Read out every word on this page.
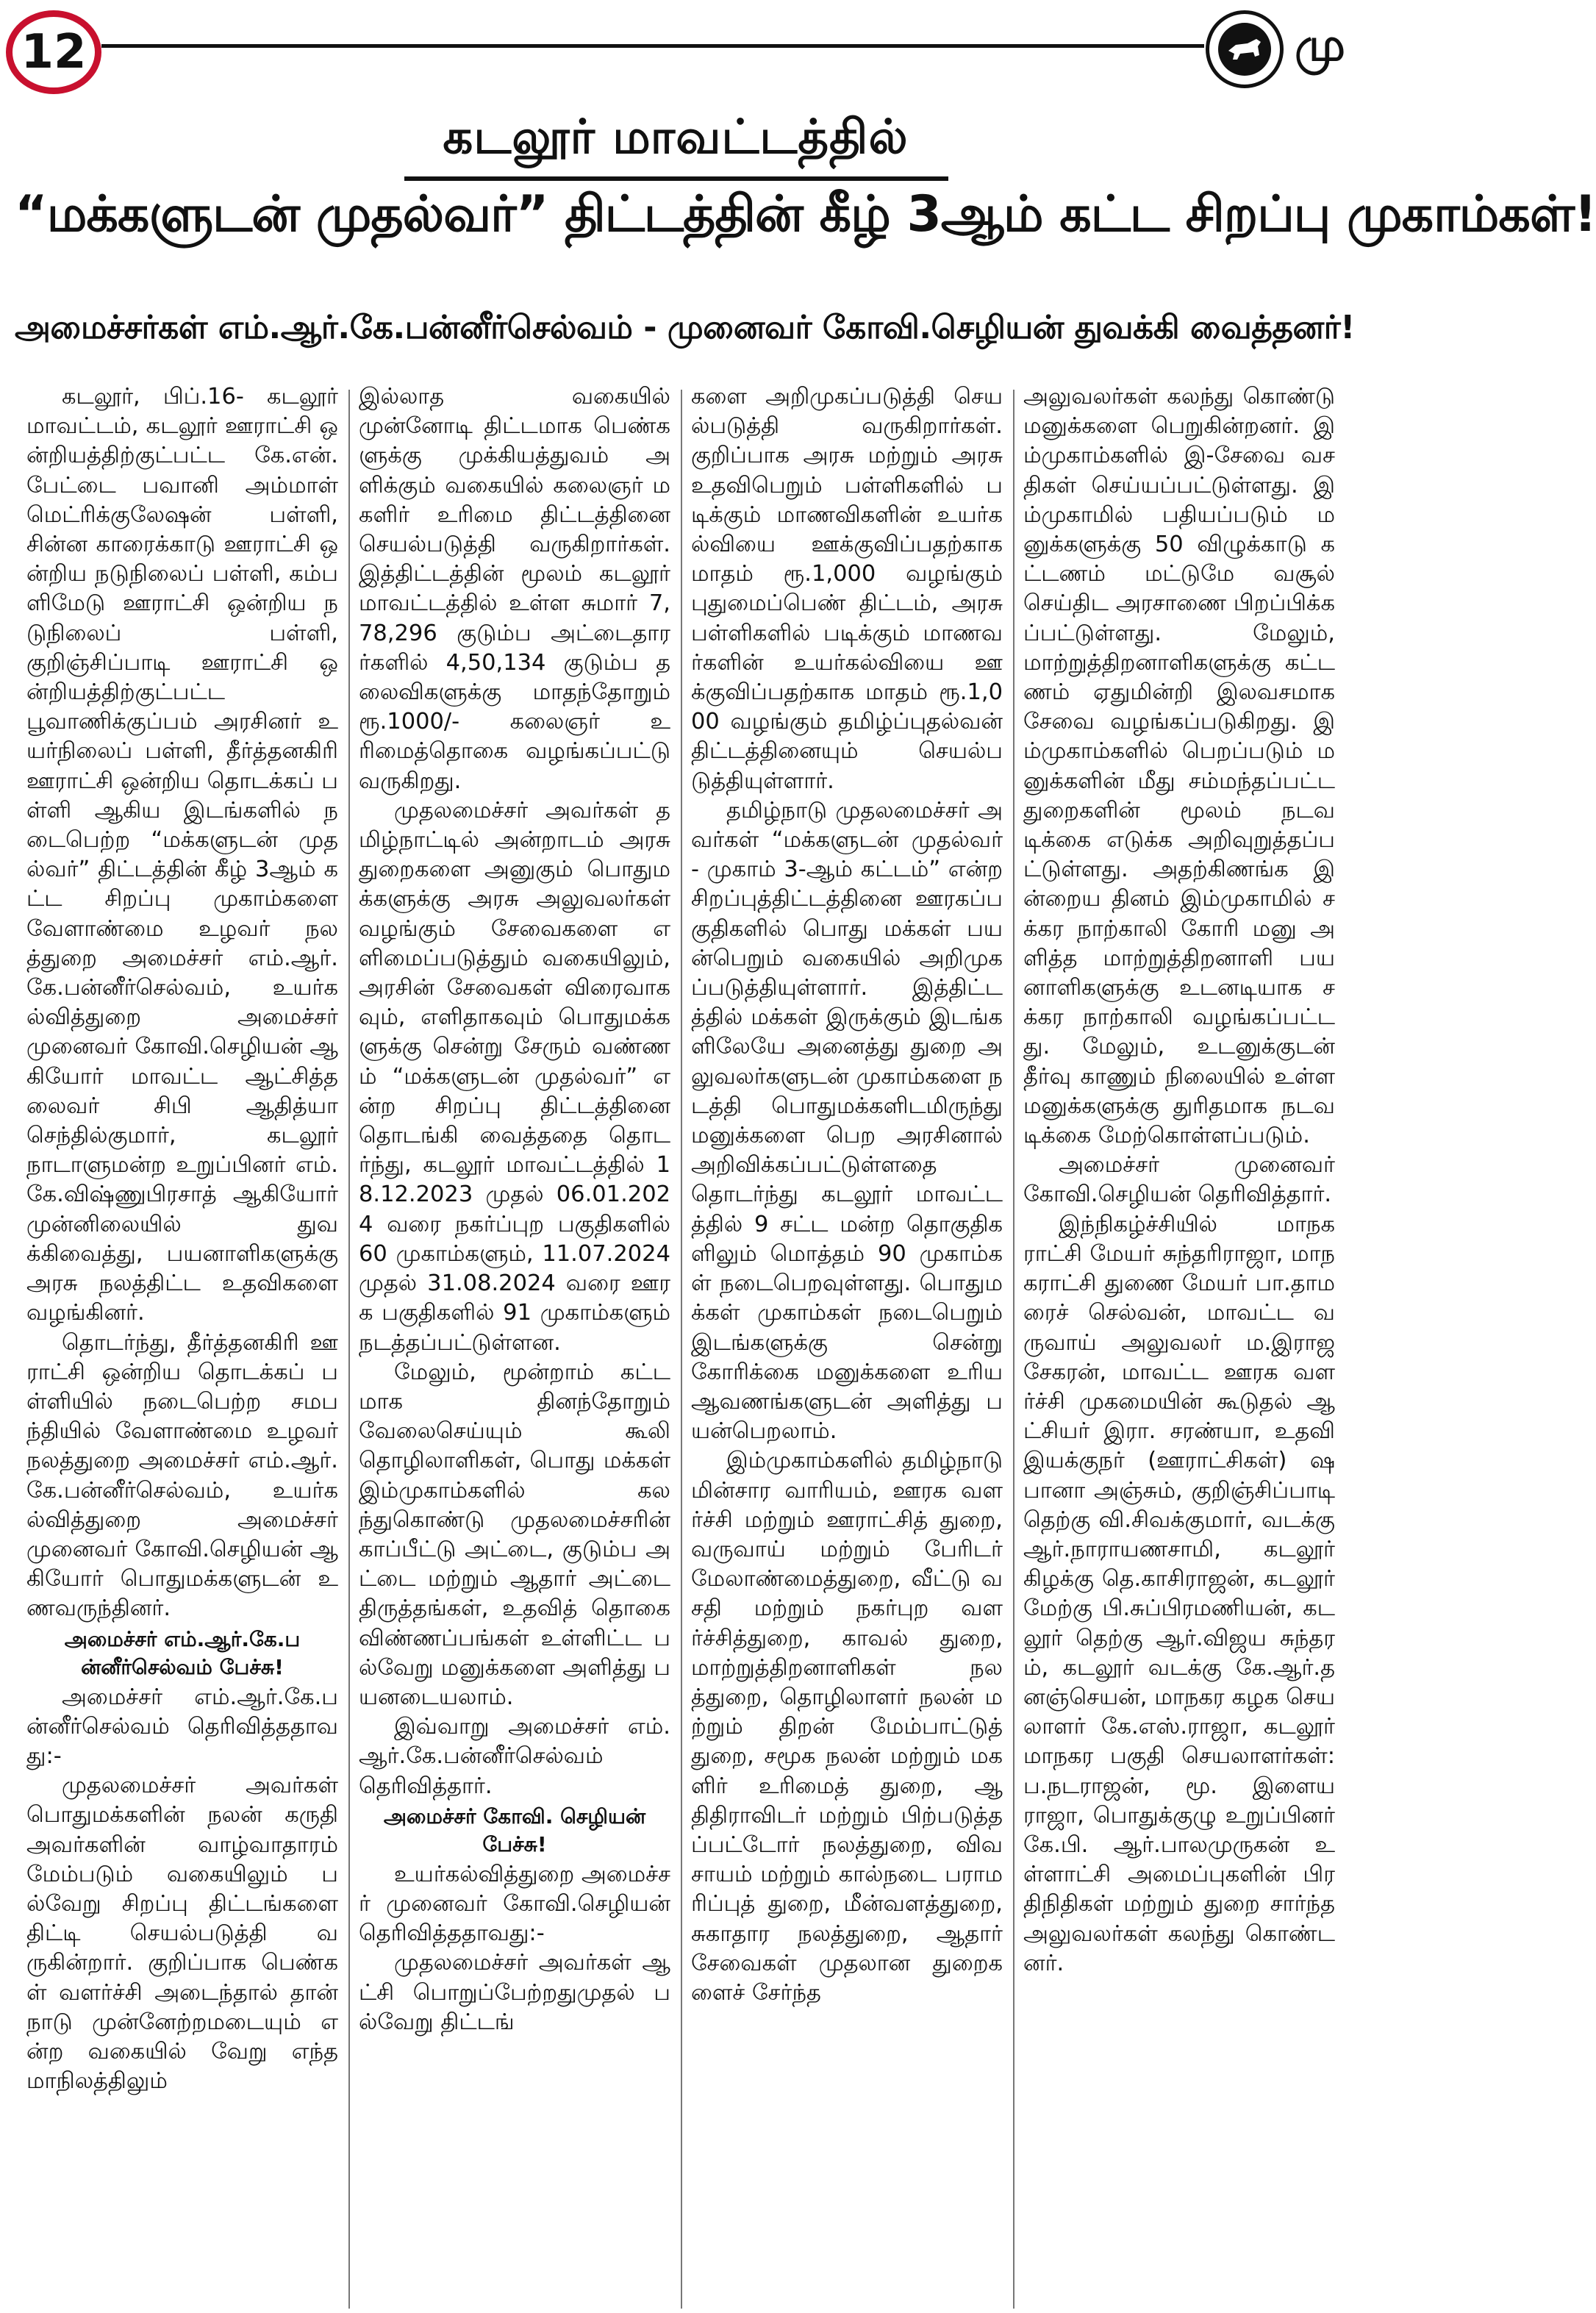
12	மு
கடலூர் மாவட்டத்தில்
“மக்களுடன் முதல்வர்” திட்டத்தின் கீழ் 3ஆம் கட்ட சிறப்பு முகாம்கள்!
அமைச்சர்கள் எம்.ஆர்.கே.பன்னீர்செல்வம் - முனைவர் கோவி.செழியன் துவக்கி வைத்தனர்!

கடலூர், பிப்.16- கடலூர் மாவட்டம், கடலூர் ஊராட்சி ஒன்றியத்திற்குட்பட்ட கே.என். பேட்டை பவானி அம்மாள் மெட்ரிக்குலேஷன் பள்ளி, சின்ன காரைக்காடு ஊராட்சி ஒன்றிய நடுநிலைப் பள்ளி, கம்பளிமேடு ஊராட்சி ஒன்றிய நடுநிலைப் பள்ளி, குறிஞ்சிப்பாடி ஊராட்சி ஒன்றியத்திற்குட்பட்ட பூவாணிக்குப்பம் அரசினர் உயர்நிலைப் பள்ளி, தீர்த்தனகிரி ஊராட்சி ஒன்றிய தொடக்கப் பள்ளி ஆகிய இடங்களில் நடைபெற்ற “மக்களுடன் முதல்வர்” திட்டத்தின் கீழ் 3ஆம் கட்ட சிறப்பு முகாம்களை வேளாண்மை உழவர் நலத்துறை அமைச்சர் எம்.ஆர்.கே.பன்னீர்செல்வம், உயர்கல்வித்துறை அமைச்சர் முனைவர் கோவி.செழியன் ஆகியோர் மாவட்ட ஆட்சித்தலைவர் சிபி ஆதித்யா செந்தில்குமார், கடலூர் நாடாளுமன்ற உறுப்பினர் எம்.கே.விஷ்ணுபிரசாத் ஆகியோர் முன்னிலையில் துவக்கிவைத்து, பயனாளிகளுக்கு அரசு நலத்திட்ட உதவிகளை வழங்கினர்.

தொடர்ந்து, தீர்த்தனகிரி ஊராட்சி ஒன்றிய தொடக்கப் பள்ளியில் நடைபெற்ற சமபந்தியில் வேளாண்மை உழவர் நலத்துறை அமைச்சர் எம்.ஆர்.கே.பன்னீர்செல்வம், உயர்கல்வித்துறை அமைச்சர் முனைவர் கோவி.செழியன் ஆகியோர் பொதுமக்களுடன் உணவருந்தினர்.

அமைச்சர் எம்.ஆர்.கே.பன்னீர்செல்வம் பேச்சு!

அமைச்சர் எம்.ஆர்.கே.பன்னீர்செல்வம் தெரிவித்ததாவது:-

முதலமைச்சர் அவர்கள் பொதுமக்களின் நலன் கருதி அவர்களின் வாழ்வாதாரம் மேம்படும் வகையிலும் பல்வேறு சிறப்பு திட்டங்களை திட்டி செயல்படுத்தி வருகின்றார். குறிப்பாக பெண்கள் வளர்ச்சி அடைந்தால் தான் நாடு முன்னேற்றமடையும் என்ற வகையில் வேறு எந்த மாநிலத்திலும்

இல்லாத வகையில் முன்னோடி திட்டமாக பெண்களுக்கு முக்கியத்துவம் அளிக்கும் வகையில் கலைஞர் மகளிர் உரிமை திட்டத்தினை செயல்படுத்தி வருகிறார்கள். இத்திட்டத்தின் மூலம் கடலூர் மாவட்டத்தில் உள்ள சுமார் 7,78,296 குடும்ப அட்டைதாரர்களில் 4,50,134 குடும்ப தலைவிகளுக்கு மாதந்தோறும் ரூ.1000/- கலைஞர் உரிமைத்தொகை வழங்கப்பட்டு வருகிறது.

முதலமைச்சர் அவர்கள் தமிழ்நாட்டில் அன்றாடம் அரசு துறைகளை அனுகும் பொதுமக்களுக்கு அரசு அலுவலர்கள் வழங்கும் சேவைகளை எளிமைப்படுத்தும் வகையிலும், அரசின் சேவைகள் விரைவாகவும், எளிதாகவும் பொதுமக்களுக்கு சென்று சேரும் வண்ணம் “மக்களுடன் முதல்வர்” என்ற சிறப்பு திட்டத்தினை தொடங்கி வைத்ததை தொடர்ந்து, கடலூர் மாவட்டத்தில் 18.12.2023 முதல் 06.01.2024 வரை நகர்ப்புற பகுதிகளில் 60 முகாம்களும், 11.07.2024 முதல் 31.08.2024 வரை ஊரக பகுதிகளில் 91 முகாம்களும் நடத்தப்பட்டுள்ளன.

மேலும், மூன்றாம் கட்டமாக தினந்தோறும் வேலைசெய்யும் கூலி தொழிலாளிகள், பொது மக்கள் இம்முகாம்களில் கலந்துகொண்டு முதலமைச்சரின் காப்பீட்டு அட்டை, குடும்ப அட்டை மற்றும் ஆதார் அட்டை திருத்தங்கள், உதவித் தொகை விண்ணப்பங்கள் உள்ளிட்ட பல்வேறு மனுக்களை அளித்து பயனடையலாம்.

இவ்வாறு அமைச்சர் எம்.ஆர்.கே.பன்னீர்செல்வம் தெரிவித்தார்.

அமைச்சர் கோவி. செழியன் பேச்சு!

உயர்கல்வித்துறை அமைச்சர் முனைவர் கோவி.செழியன் தெரிவித்ததாவது:-

முதலமைச்சர் அவர்கள் ஆட்சி பொறுப்பேற்றதுமுதல் பல்வேறு திட்டங்

களை அறிமுகப்படுத்தி செயல்படுத்தி வருகிறார்கள். குறிப்பாக அரசு மற்றும் அரசு உதவிபெறும் பள்ளிகளில் படிக்கும் மாணவிகளின் உயர்கல்வியை ஊக்குவிப்பதற்காக மாதம் ரூ.1,000 வழங்கும் புதுமைப்பெண் திட்டம், அரசு பள்ளிகளில் படிக்கும் மாணவர்களின் உயர்கல்வியை ஊக்குவிப்பதற்காக மாதம் ரூ.1,000 வழங்கும் தமிழ்ப்புதல்வன் திட்டத்தினையும் செயல்படுத்தியுள்ளார்.

தமிழ்நாடு முதலமைச்சர் அவர்கள் “மக்களுடன் முதல்வர் - முகாம் 3-ஆம் கட்டம்” என்ற சிறப்புத்திட்டத்தினை ஊரகப்பகுதிகளில் பொது மக்கள் பயன்பெறும் வகையில் அறிமுகப்படுத்தியுள்ளார். இத்திட்டத்தில் மக்கள் இருக்கும் இடங்களிலேயே அனைத்து துறை அலுவலர்களுடன் முகாம்களை நடத்தி பொதுமக்களிடமிருந்து மனுக்களை பெற அரசினால் அறிவிக்கப்பட்டுள்ளதை தொடர்ந்து கடலூர் மாவட்டத்தில் 9 சட்ட மன்ற தொகுதிகளிலும் மொத்தம் 90 முகாம்கள் நடைபெறவுள்ளது. பொதுமக்கள் முகாம்கள் நடைபெறும் இடங்களுக்கு சென்று கோரிக்கை மனுக்களை உரிய ஆவணங்களுடன் அளித்து பயன்பெறலாம்.

இம்முகாம்களில் தமிழ்நாடு மின்சார வாரியம், ஊரக வளர்ச்சி மற்றும் ஊராட்சித் துறை, வருவாய் மற்றும் பேரிடர் மேலாண்மைத்துறை, வீட்டு வசதி மற்றும் நகர்புற வளர்ச்சித்துறை, காவல் துறை, மாற்றுத்திறனாளிகள் நலத்துறை, தொழிலாளர் நலன் மற்றும் திறன் மேம்பாட்டுத் துறை, சமூக நலன் மற்றும் மகளிர் உரிமைத் துறை, ஆதிதிராவிடர் மற்றும் பிற்படுத்தப்பட்டோர் நலத்துறை, விவசாயம் மற்றும் கால்நடை பராமரிப்புத் துறை, மீன்வளத்துறை, சுகாதார நலத்துறை, ஆதார் சேவைகள் முதலான துறைகளைச் சேர்ந்த

அலுவலர்கள் கலந்து கொண்டு மனுக்களை பெறுகின்றனர். இம்முகாம்களில் இ-சேவை வசதிகள் செய்யப்பட்டுள்ளது. இம்முகாமில் பதியப்படும் மனுக்களுக்கு 50 விழுக்காடு கட்டணம் மட்டுமே வசூல் செய்திட அரசாணை பிறப்பிக்கப்பட்டுள்ளது. மேலும், மாற்றுத்திறனாளிகளுக்கு கட்டணம் ஏதுமின்றி இலவசமாக சேவை வழங்கப்படுகிறது. இம்முகாம்களில் பெறப்படும் மனுக்களின் மீது சம்மந்தப்பட்ட துறைகளின் மூலம் நடவடிக்கை எடுக்க அறிவுறுத்தப்பட்டுள்ளது. அதற்கிணங்க இன்றைய தினம் இம்முகாமில் சக்கர நாற்காலி கோரி மனு அளித்த மாற்றுத்திறனாளி பயனாளிகளுக்கு உடனடியாக சக்கர நாற்காலி வழங்கப்பட்டது. மேலும், உடனுக்குடன் தீர்வு காணும் நிலையில் உள்ள மனுக்களுக்கு துரிதமாக நடவடிக்கை மேற்கொள்ளப்படும்.

அமைச்சர் முனைவர் கோவி.செழியன் தெரிவித்தார்.

இந்நிகழ்ச்சியில் மாநகராட்சி மேயர் சுந்தரிராஜா, மாநகராட்சி துணை மேயர் பா.தாமரைச் செல்வன், மாவட்ட வருவாய் அலுவலர் ம.இராஜசேகரன், மாவட்ட ஊரக வளர்ச்சி முகமையின் கூடுதல் ஆட்சியர் இரா. சரண்யா, உதவி இயக்குநர் (ஊராட்சிகள்) ஷபானா அஞ்சும், குறிஞ்சிப்பாடி தெற்கு வி.சிவக்குமார், வடக்கு ஆர்.நாராயணசாமி, கடலூர் கிழக்கு தெ.காசிராஜன், கடலூர் மேற்கு பி.சுப்பிரமணியன், கடலூர் தெற்கு ஆர்.விஜய சுந்தரம், கடலூர் வடக்கு கே.ஆர்.தனஞ்செயன், மாநகர கழக செயலாளர் கே.எஸ்.ராஜா, கடலூர் மாநகர பகுதி செயலாளர்கள்: ப.நடராஜன், மூ. இளையராஜா, பொதுக்குழு உறுப்பினர் கே.பி. ஆர்.பாலமுருகன் உள்ளாட்சி அமைப்புகளின் பிரதிநிதிகள் மற்றும் துறை சார்ந்த அலுவலர்கள் கலந்து கொண்டனர்.
